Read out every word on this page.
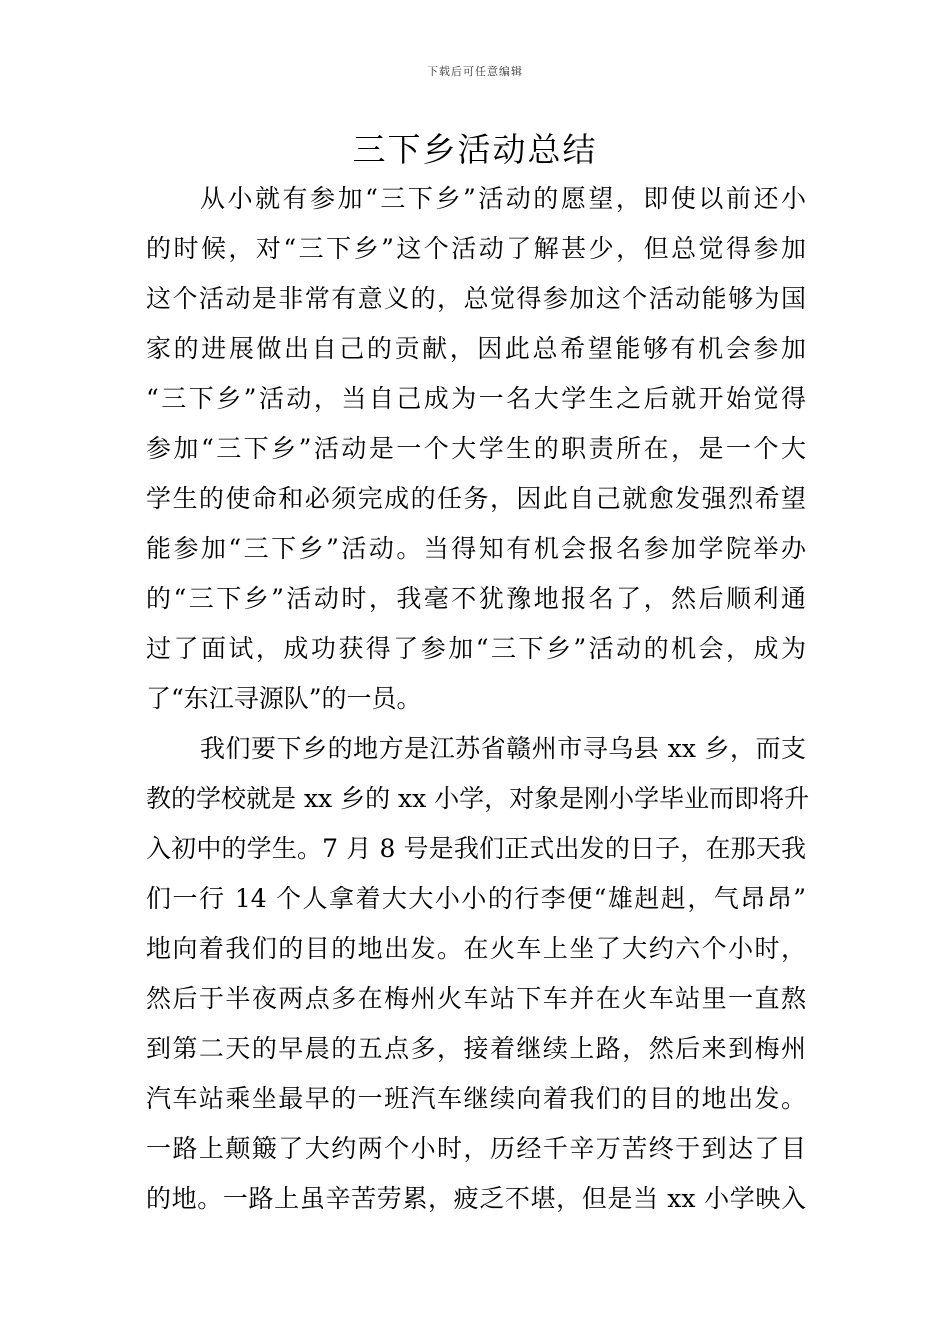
下载后可任意编辑
三下乡活动总结
从小就有参加“三下乡”活动的愿望，即使以前还小
的时候，对“三下乡”这个活动了解甚少，但总觉得参加
这个活动是非常有意义的，总觉得参加这个活动能够为国
家的进展做出自己的贡献，因此总希望能够有机会参加
“三下乡”活动，当自己成为一名大学生之后就开始觉得
参加“三下乡”活动是一个大学生的职责所在，是一个大
学生的使命和必须完成的任务，因此自己就愈发强烈希望
能参加“三下乡”活动。当得知有机会报名参加学院举办
的“三下乡”活动时，我毫不犹豫地报名了，然后顺利通
过了面试，成功获得了参加“三下乡”活动的机会，成为
了“东江寻源队”的一员。
我们要下乡的地方是江苏省赣州市寻乌县 xx 乡，而支
教的学校就是 xx 乡的 xx 小学，对象是刚小学毕业而即将升
入初中的学生。7 月 8 号是我们正式出发的日子，在那天我
们一行 14 个人拿着大大小小的行李便“雄赳赳，气昂昂”
地向着我们的目的地出发。在火车上坐了大约六个小时，
然后于半夜两点多在梅州火车站下车并在火车站里一直熬
到第二天的早晨的五点多，接着继续上路，然后来到梅州
汽车站乘坐最早的一班汽车继续向着我们的目的地出发。
一路上颠簸了大约两个小时，历经千辛万苦终于到达了目
的地。一路上虽辛苦劳累，疲乏不堪，但是当 xx 小学映入
